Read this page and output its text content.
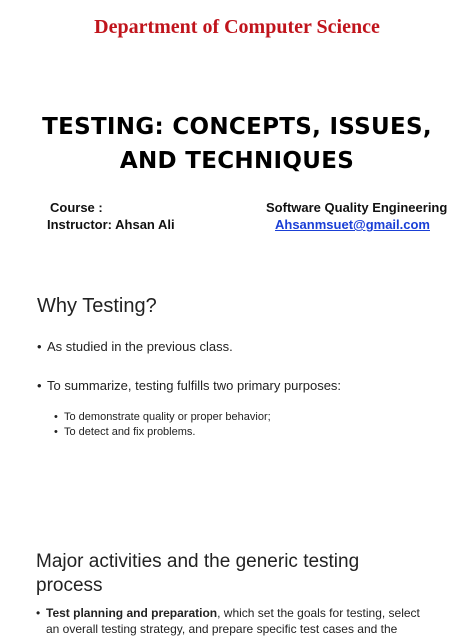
Department of Computer Science
TESTING: CONCEPTS, ISSUES,
AND TECHNIQUES
Course :	Software Quality Engineering
Instructor: Ahsan Ali	Ahsanmsuet@gmail.com
Why Testing?
• As studied in the previous class.
• To summarize, testing fulfills two primary purposes:
• To demonstrate quality or proper behavior;
• To detect and fix problems.
Major activities and the generic testing
process
• Test planning and preparation, which set the goals for testing, select
an overall testing strategy, and prepare specific test cases and the
